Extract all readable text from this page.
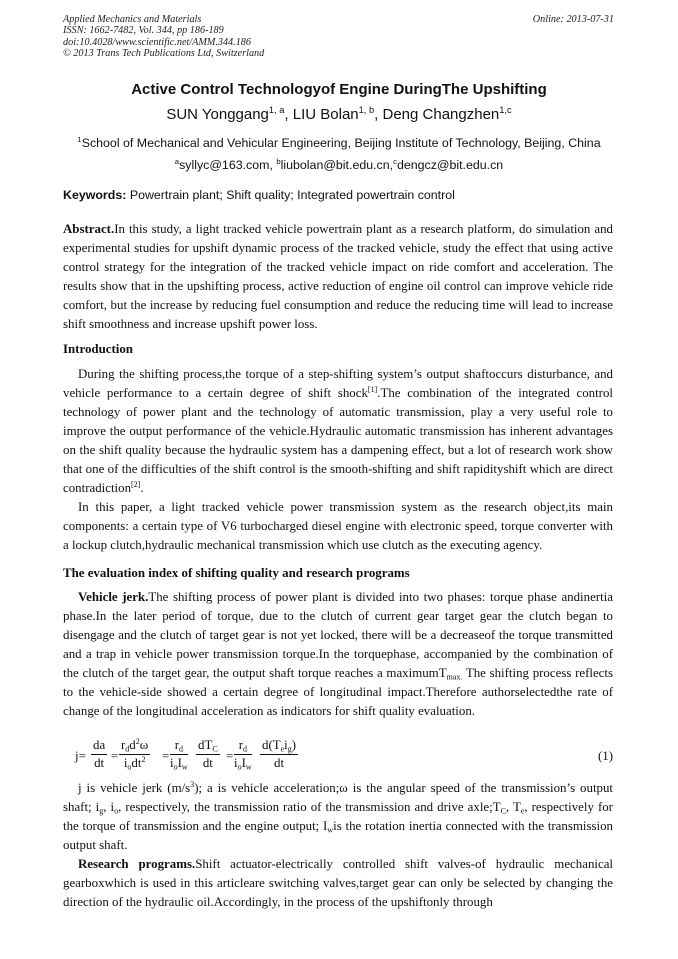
Applied Mechanics and Materials
ISSN: 1662-7482, Vol. 344, pp 186-189
doi:10.4028/www.scientific.net/AMM.344.186
© 2013 Trans Tech Publications Ltd, Switzerland
Online: 2013-07-31
Active Control Technologyof Engine DuringThe Upshifting
SUN Yonggang$^{1, a}$, LIU Bolan$^{1, b}$, Deng Changzhen$^{1,c}$
$^1$School of Mechanical and Vehicular Engineering, Beijing Institute of Technology, Beijing, China
$^a$syllyc@163.com, $^b$liubolan@bit.edu.cn,$^c$dengcz@bit.edu.cn
Keywords: Powertrain plant; Shift quality; Integrated powertrain control

Abstract.In this study, a light tracked vehicle powertrain plant as a research platform, do simulation and experimental studies for upshift dynamic process of the tracked vehicle, study the effect that using active control strategy for the integration of the tracked vehicle impact on ride comfort and acceleration. The results show that in the upshifting process, active reduction of engine oil control can improve vehicle ride comfort, but the increase by reducing fuel consumption and reduce the reducing time will lead to increase shift smoothness and increase upshift power loss.

Introduction

During the shifting process,the torque of a step-shifting system’s output shaftoccurs disturbance, and vehicle performance to a certain degree of shift shock[1].The combination of the integrated control technology of power plant and the technology of automatic transmission, play a very useful role to improve the output performance of the vehicle.Hydraulic automatic transmission has inherent advantages on the shift quality because the hydraulic system has a dampening effect, but a lot of research work show that one of the difficulties of the shift control is the smooth-shifting and shift rapidityshift which are direct contradiction[2].

In this paper, a light tracked vehicle power transmission system as the research object,its main components: a certain type of V6 turbocharged diesel engine with electronic speed, torque converter with a lockup clutch,hydraulic mechanical transmission which use clutch as the executing agency.

The evaluation index of shifting quality and research programs

Vehicle jerk.The shifting process of power plant is divided into two phases: torque phase andinertia phase.In the later period of torque, due to the clutch of current gear target gear the clutch began to disengage and the clutch of target gear is not yet locked, there will be a decreaseof the torque transmitted and a trap in vehicle power transmission torque.In the torquephase, accompanied by the combination of the clutch of the target gear, the output shaft torque reaches a maximumT$_{max.}$ The shifting process reflects to the vehicle-side showed a certain degree of longitudinal impact.Therefore authorselectedthe rate of change of the longitudinal acceleration as indicators for shift quality evaluation.

$j= \frac{da}{dt}$ =
$r_dd^2\omega$
$i_odt^2$	=
$r_d$
$i_oI_w$
$dT_C$
dt	=
$r_d$
$i_oI_w$
$d(T_ei_g)$
dt	(1)

j is vehicle jerk $(m/s^3)$; a is vehicle acceleration;ω is the angular speed of the transmission’s output shaft; $i_g$, $i_o$, respectively, the transmission ratio of the transmission and drive $axle;T_C$, $T_e$, respectively for the torque of transmission and the engine output; $I_wis$ the rotation inertia connected with the transmission output shaft.

Research programs.Shift actuator-electrically controlled shift valves-of hydraulic mechanical gearboxwhich is used in this articleare switching valves,target gear can only be selected by changing the direction of the hydraulic oil.Accordingly, in the process of the upshiftonly through
